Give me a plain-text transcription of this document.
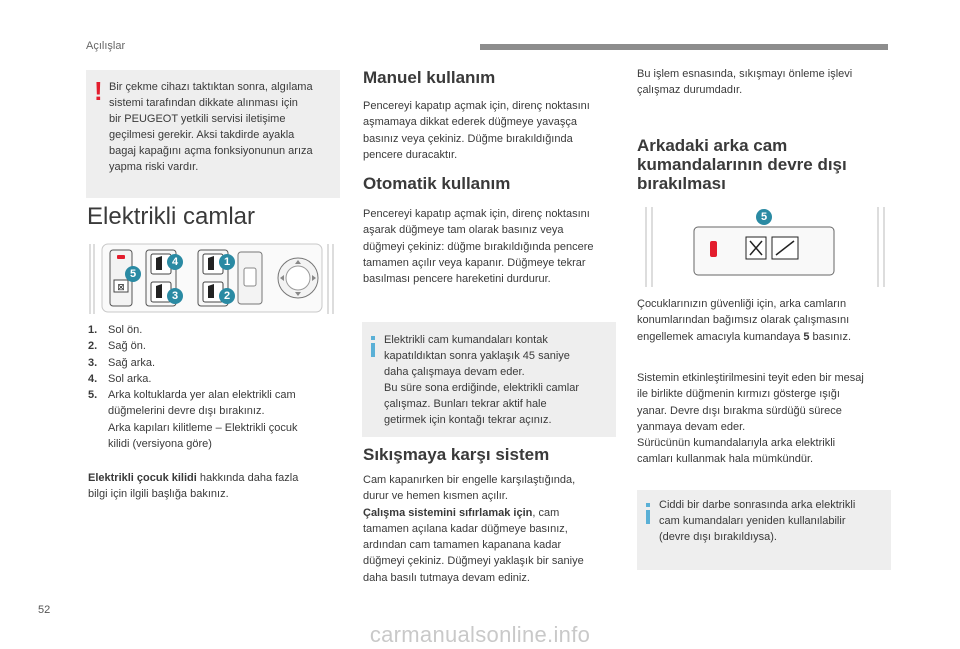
Açılışlar
! Bir çekme cihazı taktıktan sonra, algılama

sistemi tarafından dikkate alınması için

bir PEUGEOT yetkili servisi iletişime

geçilmesi gerekir. Aksi takdirde ayakla

bagaj kapağını açma fonksiyonunun arıza

yapma riski vardır.

Elektrikli camlar
⊠
4	1
5
3	2
1. Sol ön.
2. Sağ ön.
3. Sağ arka.
4. Sol arka.
5. Arka koltuklarda yer alan elektrikli cam
düğmelerini devre dışı bırakınız.
Arka kapıları kilitleme – Elektrikli çocuk
kilidi (versiyona göre)

Elektrikli çocuk kilidi hakkında daha fazla

bilgi için ilgili başlığa bakınız.

Manuel kullanım

Pencereyi kapatıp açmak için, direnç noktasını

aşmamaya dikkat ederek düğmeye yavaşça

basınız veya çekiniz. Düğme bırakıldığında

pencere duracaktır.

Otomatik kullanım

Pencereyi kapatıp açmak için, direnç noktasını

aşarak düğmeye tam olarak basınız veya

düğmeyi çekiniz: düğme bırakıldığında pencere

tamamen açılır veya kapanır. Düğmeye tekrar

basılması pencere hareketini durdurur.

Elektrikli cam kumandaları kontak

kapatıldıktan sonra yaklaşık 45 saniye

daha çalışmaya devam eder.

Bu süre sona erdiğinde, elektrikli camlar

çalışmaz. Bunları tekrar aktif hale

getirmek için kontağı tekrar açınız.

Sıkışmaya karşı sistem

Cam kapanırken bir engelle karşılaştığında,

durur ve hemen kısmen açılır.

Çalışma sistemini sıfırlamak için, cam

tamamen açılana kadar düğmeye basınız,

ardından cam tamamen kapanana kadar

düğmeyi çekiniz. Düğmeyi yaklaşık bir saniye

daha basılı tutmaya devam ediniz.

Bu işlem esnasında, sıkışmayı önleme işlevi

çalışmaz durumdadır.

Arkadaki arka cam
kumandalarının devre dışı
bırakılması
5

Çocuklarınızın güvenliği için, arka camların

konumlarından bağımsız olarak çalışmasını

engellemek amacıyla kumandaya 5 basınız.

Sistemin etkinleştirilmesini teyit eden bir mesaj

ile birlikte düğmenin kırmızı gösterge ışığı

yanar. Devre dışı bırakma sürdüğü sürece

yanmaya devam eder.

Sürücünün kumandalarıyla arka elektrikli

camları kullanmak hala mümkündür.

Ciddi bir darbe sonrasında arka elektrikli

cam kumandaları yeniden kullanılabilir

(devre dışı bırakıldıysa).

52
carmanualsonline.info
